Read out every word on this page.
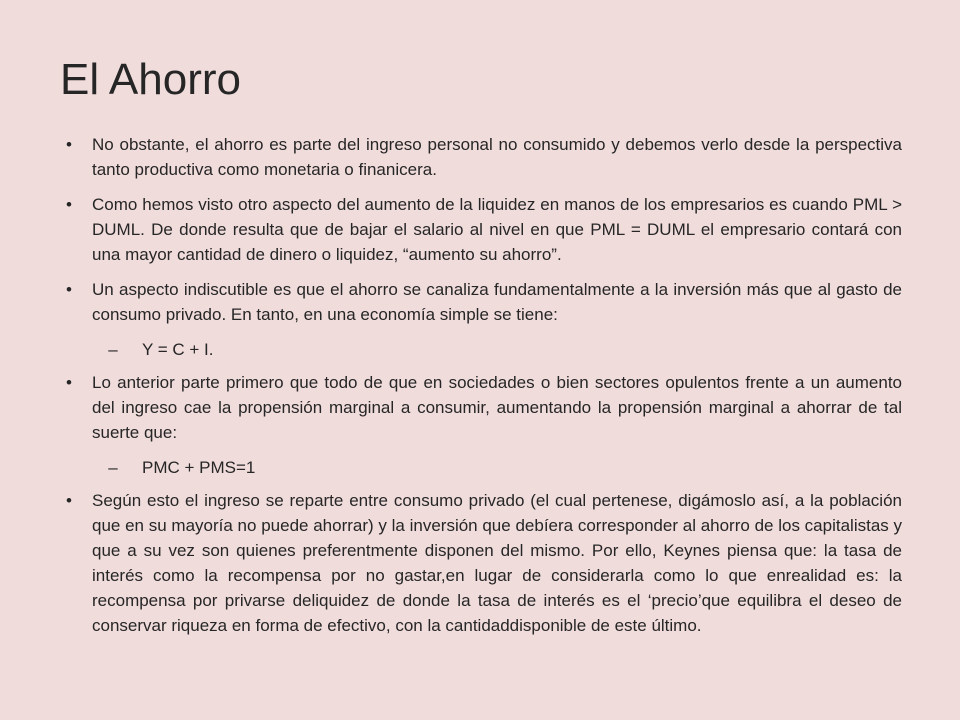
El Ahorro
•	No obstante, el ahorro es parte del ingreso personal no consumido y debemos verlo desde la perspectiva tanto productiva como monetaria o finanicera.
•	Como hemos visto otro aspecto del aumento de la liquidez en manos de los empresarios es cuando PML > DUML. De donde resulta que de bajar el salario al nivel en que PML = DUML el empresario contará con una mayor cantidad de dinero o liquidez, “aumento su ahorro”.
•	Un aspecto indiscutible es que el ahorro se canaliza fundamentalmente a la inversión más que al gasto de consumo privado. En tanto, en una economía simple se tiene:
– Y = C + I.
•	Lo anterior parte primero que todo de que en sociedades o bien sectores opulentos frente a un aumento del ingreso cae la propensión marginal a consumir, aumentando la propensión marginal a ahorrar de tal suerte que:
– PMC + PMS=1
•	Según esto el ingreso se reparte entre consumo privado (el cual pertenese, digámoslo así, a la población que en su mayoría no puede ahorrar) y la inversión que debíera corresponder al ahorro de los capitalistas y que a su vez son quienes preferentmente disponen del mismo. Por ello, Keynes piensa que: la tasa de interés como la recompensa por no gastar,en lugar de considerarla como lo que enrealidad es: la recompensa por privarse deliquidez de donde la tasa de interés es el ‘precio’que equilibra el deseo de conservar riqueza en forma de efectivo, con la cantidaddisponible de este último.
